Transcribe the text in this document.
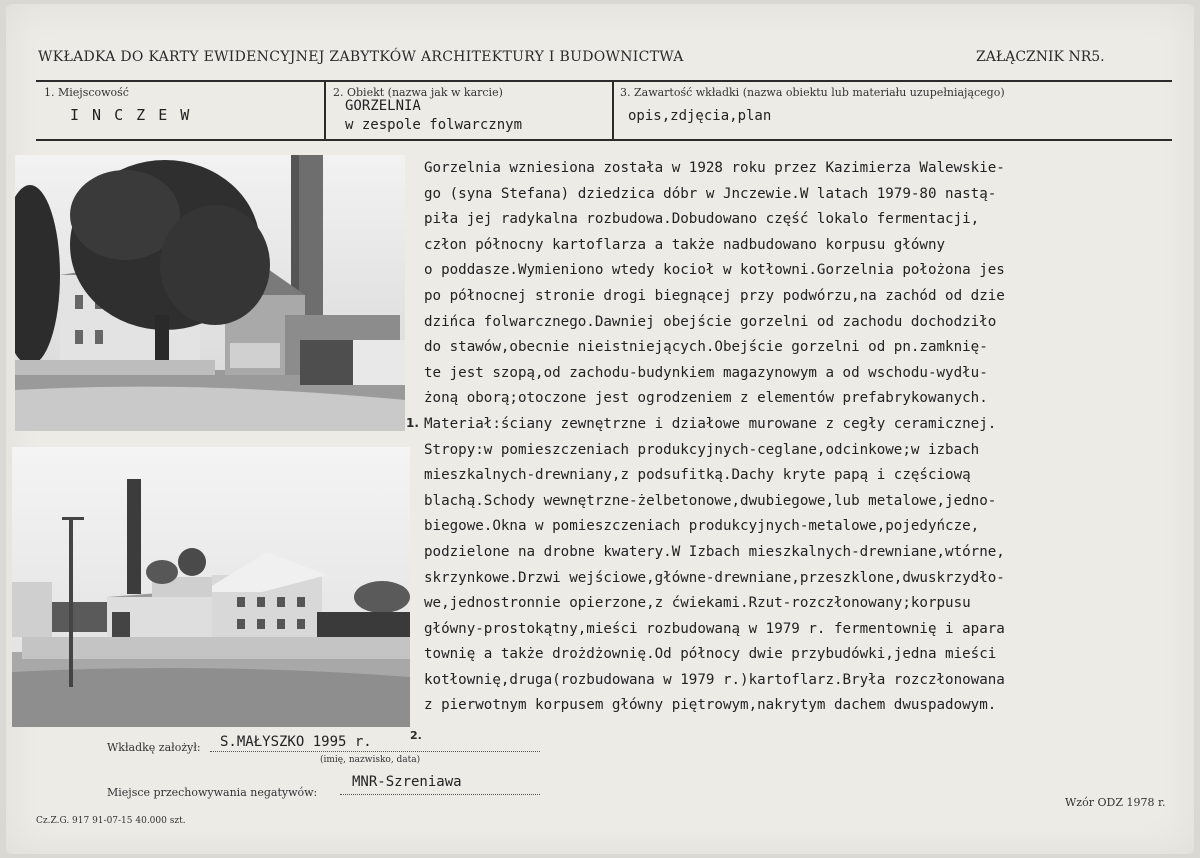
WKŁADKA DO KARTY EWIDENCYJNEJ ZABYTKÓW ARCHITEKTURY I BUDOWNICTWA	ZAŁĄCZNIK NR5.
1. Miejscowość
I N C Z E W
2. Obiekt (nazwa jak w karcie)
GORZELNIA
w zespole folwarcznym
3. Zawartość wkładki (nazwa obiektu lub materiału uzupełniającego)
opis,zdjęcia,plan
1.
Gorzelnia wzniesiona została w 1928 roku przez Kazimierza Walewskie-
go (syna Stefana) dziedzica dóbr w Jnczewie.W latach 1979-80 nastą-
piła jej radykalna rozbudowa.Dobudowano część lokalo fermentacji,
człon północny kartoflarza a także nadbudowano korpusu główny
o poddasze.Wymieniono wtedy kocioł w kotłowni.Gorzelnia położona jes
po północnej stronie drogi biegnącej przy podwórzu,na zachód od dzie
dzińca folwarcznego.Dawniej obejście gorzelni od zachodu dochodziło
do stawów,obecnie nieistniejących.Obejście gorzelni od pn.zamknię-
te jest szopą,od zachodu-budynkiem magazynowym a od wschodu-wydłu-
żoną oborą;otoczone jest ogrodzeniem z elementów prefabrykowanych.
Materiał:ściany zewnętrzne i działowe murowane z cegły ceramicznej.
Stropy:w pomieszczeniach produkcyjnych-ceglane,odcinkowe;w izbach
mieszkalnych-drewniany,z podsufitką.Dachy kryte papą i częściową
blachą.Schody wewnętrzne-żelbetonowe,dwubiegowe,lub metalowe,jedno-
biegowe.Okna w pomieszczeniach produkcyjnych-metalowe,pojedyńcze,
podzielone na drobne kwatery.W Izbach mieszkalnych-drewniane,wtórne,
skrzynkowe.Drzwi wejściowe,główne-drewniane,przeszklone,dwuskrzydło-
we,jednostronnie opierzone,z ćwiekami.Rzut-rozczłonowany;korpusu
główny-prostokątny,mieści rozbudowaną w 1979 r. fermentownię i apara
townię a także drożdżownię.Od północy dwie przybudówki,jedna mieści
kotłownię,druga(rozbudowana w 1979 r.)kartoflarz.Bryła rozczłonowana
z pierwotnym korpusem główny piętrowym,nakrytym dachem dwuspadowym.
Wkładkę założył: S.MAŁYSZKO 1995 r.	2.
(imię, nazwisko, data)
Miejsce przechowywania negatywów:
MNR-Szreniawa
Wzór ODZ 1978 r.
Cz.Z.G. 917 91-07-15 40.000 szt.
